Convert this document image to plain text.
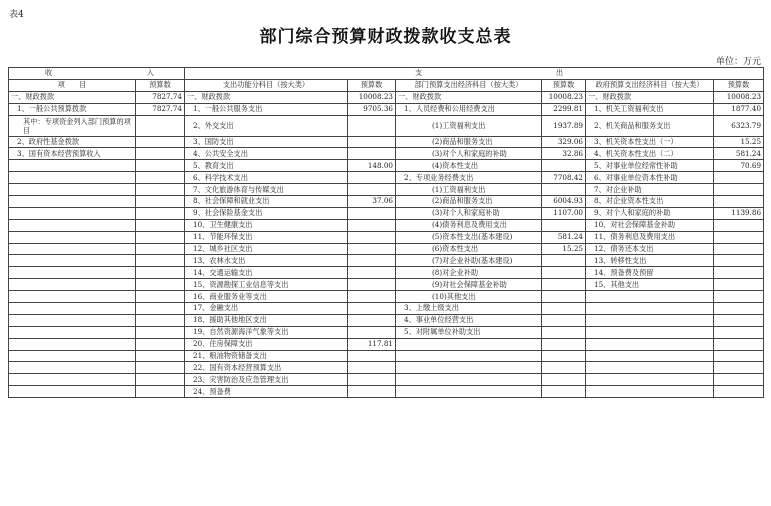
表4
部门综合预算财政拨款收支总表
单位：万元
收 入		支 出					

项　　目	预算数	支出功能分科目（按大类）	预算数	部门预算支出经济科目（按大类）	预算数	政府预算支出经济科目（按大类）	预算数
一、财政拨款	7827.74	一、财政拨款	10008.23	一、财政拨款	10008.23	一、财政拨款	10008.23
1、一般公共预算拨款	7827.74	1、一般公共服务支出	9705.36	1、人员经费和公用经费支出	2299.81	1、机关工资福利支出	1877.40
其中：专项资金列入部门预算的项目		2、外交支出		(1)工资福利支出	1937.89	2、机关商品和服务支出	6323.79
2、政府性基金拨款		3、国防支出		(2)商品和服务支出	329.06	3、机关资本性支出（一）	15.25
3、国有资本经营预算收入		4、公共安全支出		(3)对个人和家庭的补助	32.86	4、机关资本性支出（二）	581.24
		5、教育支出	148.00	(4)资本性支出		5、对事业单位经常性补助	70.69
		6、科学技术支出		2、专项业务经费支出	7708.42	6、对事业单位资本性补助	
		7、文化旅游体育与传媒支出		(1)工资福利支出		7、对企业补助	
		8、社会保障和就业支出	37.06	(2)商品和服务支出	6004.93	8、对企业资本性支出	
		9、社会保险基金支出		(3)对个人和家庭补助	1107.00	9、对个人和家庭的补助	1139.86
		10、卫生健康支出		(4)债务利息及费用支出		10、对社会保障基金补助	
		11、节能环保支出		(5)资本性支出(基本建设)	581.24	11、债务利息及费用支出	
		12、城乡社区支出		(6)资本性支出	15.25	12、债务还本支出	
		13、农林水支出		(7)对企业补助(基本建设)		13、转移性支出	
		14、交通运输支出		(8)对企业补助		14、预备费及预留	
		15、资源勘探工业信息等支出		(9)对社会保障基金补助		15、其他支出	
		16、商业服务业等支出		(10)其他支出			
		17、金融支出		3、上缴上级支出			
		18、援助其他地区支出		4、事业单位经营支出			
		19、自然资源海洋气象等支出		5、对附属单位补助支出			
		20、住房保障支出	117.81				
		21、粮油物资储备支出					
		22、国有资本经营预算支出					
		23、灾害防治及应急管理支出					
		24、预备费					
